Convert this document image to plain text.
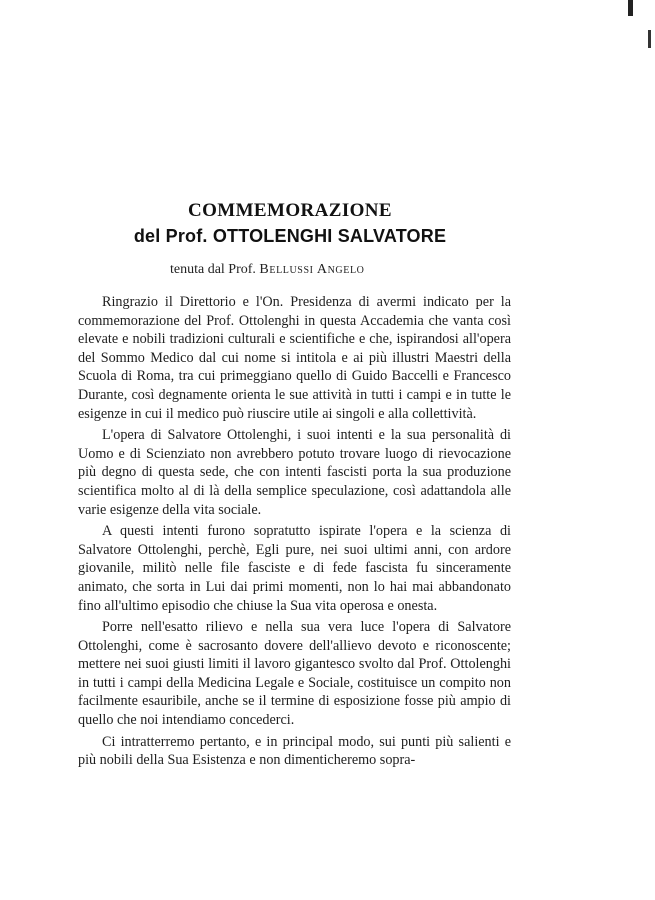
COMMEMORAZIONE
del Prof. OTTOLENGHI SALVATORE
tenuta dal Prof. Bellussi Angelo

Ringrazio il Direttorio e l'On. Presidenza di avermi indicato per la commemorazione del Prof. Ottolenghi in questa Accademia che vanta così elevate e nobili tradizioni culturali e scientifiche e che, ispirandosi all'opera del Sommo Medico dal cui nome si intitola e ai più illustri Maestri della Scuola di Roma, tra cui primeggiano quello di Guido Baccelli e Francesco Durante, così degnamente orienta le sue attività in tutti i campi e in tutte le esigenze in cui il medico può riuscire utile ai singoli e alla collettività.

L'opera di Salvatore Ottolenghi, i suoi intenti e la sua personalità di Uomo e di Scienziato non avrebbero potuto trovare luogo di rievocazione più degno di questa sede, che con intenti fascisti porta la sua produzione scientifica molto al di là della semplice speculazione, così adattandola alle varie esigenze della vita sociale.

A questi intenti furono sopratutto ispirate l'opera e la scienza di Salvatore Ottolenghi, perchè, Egli pure, nei suoi ultimi anni, con ardore giovanile, militò nelle file fasciste e di fede fascista fu sinceramente animato, che sorta in Lui dai primi momenti, non lo hai mai abbandonato fino all'ultimo episodio che chiuse la Sua vita operosa e onesta.

Porre nell'esatto rilievo e nella sua vera luce l'opera di Salvatore Ottolenghi, come è sacrosanto dovere dell'allievo devoto e riconoscente; mettere nei suoi giusti limiti il lavoro gigantesco svolto dal Prof. Ottolenghi in tutti i campi della Medicina Legale e Sociale, costituisce un compito non facilmente esauribile, anche se il termine di esposizione fosse più ampio di quello che noi intendiamo concederci.

Ci intratterremo pertanto, e in principal modo, sui punti più salienti e più nobili della Sua Esistenza e non dimenticheremo sopra-
